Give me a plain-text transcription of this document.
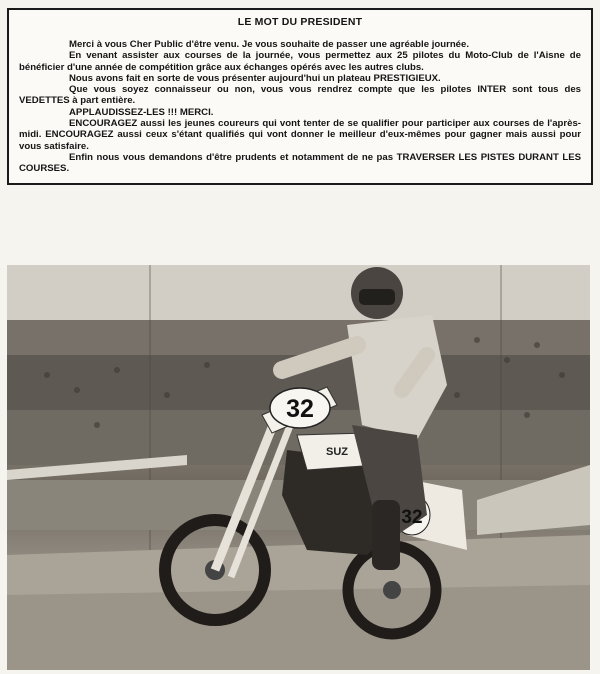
LE MOT DU PRESIDENT

Merci à vous Cher Public d'être venu. Je vous souhaite de passer une agréable journée.

En venant assister aux courses de la journée, vous permettez aux 25 pilotes du Moto-Club de l'Aisne de bénéficier d'une année de compétition grâce aux échanges opérés avec les autres clubs.

Nous avons fait en sorte de vous présenter aujourd'hui un plateau PRESTIGIEUX.

Que vous soyez connaisseur ou non, vous vous rendrez compte que les pilotes INTER sont tous des VEDETTES à part entière.

APPLAUDISSEZ-LES !!! MERCI.

ENCOURAGEZ aussi les jeunes coureurs qui vont tenter de se qualifier pour participer aux courses de l'après-midi. ENCOURAGEZ aussi ceux s'étant qualifiés qui vont donner le meilleur d'eux-mêmes pour gagner mais aussi pour vous satisfaire.

Enfin nous vous demandons d'être prudents et notamment de ne pas TRAVERSER LES PISTES DURANT LES COURSES.

32
32
SUZ
